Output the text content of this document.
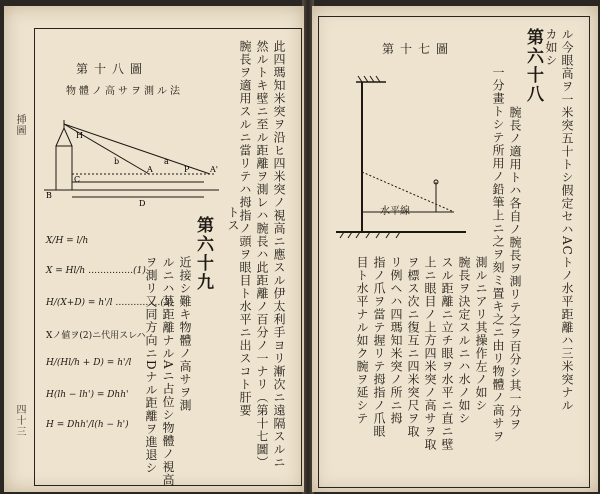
挿圖
四十三
第十八圖
物體ノ高サヲ測ル法
B
C
D
A	A'
P
H
b	a	此四瑪知米突ヲ沿ヒ四米突ノ視高ニ應スル伊太利手ヨリ漸次ニ遠隔スルニ
然ルトキ壁ニ至ル距離ヲ測レハ腕長ハ此距離ノ百分ノ一ナリ（第十七圖）
腕長ヲ適用スルニ當リテハ拇指ノ頭ヲ眼目ト水平ニ出スコト肝要
トス
第六十九
近接シ難キ物體ノ高サヲ測
ルニハ某距離ナルAニ占位シ物體ノ視高
ヲ測リ又同方向ニDナル距離ヲ進退シ
X/H = l/h
X = Hl/h ……………(1)
H/(X+D) = h'/l ……………(2)
Xノ値ヲ(2)ニ代用スレハ
H/(Hl/h + D) = h'/l
H(lh − lh') = Dhh'
H = Dhh'/l(h − h')
第十七圖
水平線	ル今眼高ヲ一米突五十トシ假定セハACトノ水平距離ハ三米突ナル
カ如シ
第六十八
腕長ノ適用トハ各自ノ腕長ヲ測リテ之ヲ百分シ其一分ヲ
一分畫トシテ所用ノ鉛筆上ニ之ヲ刻ミ置キ之ニ由リ物體ノ高サヲ
測ルニアリ其操作左ノ如シ
腕長ヲ決定スルニハ水ノ如シ
スル距離ニ立チ眼ヲ水平ニ直ニ壁
上ニ眼目ノ上方四米突ノ高サヲ取
ヲ標ス次ニ復互ニ四米突尺ヲ取
リ例ヘハ四瑪知米突ノ所ニ拇
指ノ爪ヲ當テ握リテ拇指ノ爪眼
目ト水平ナル如ク腕ヲ延シテ
